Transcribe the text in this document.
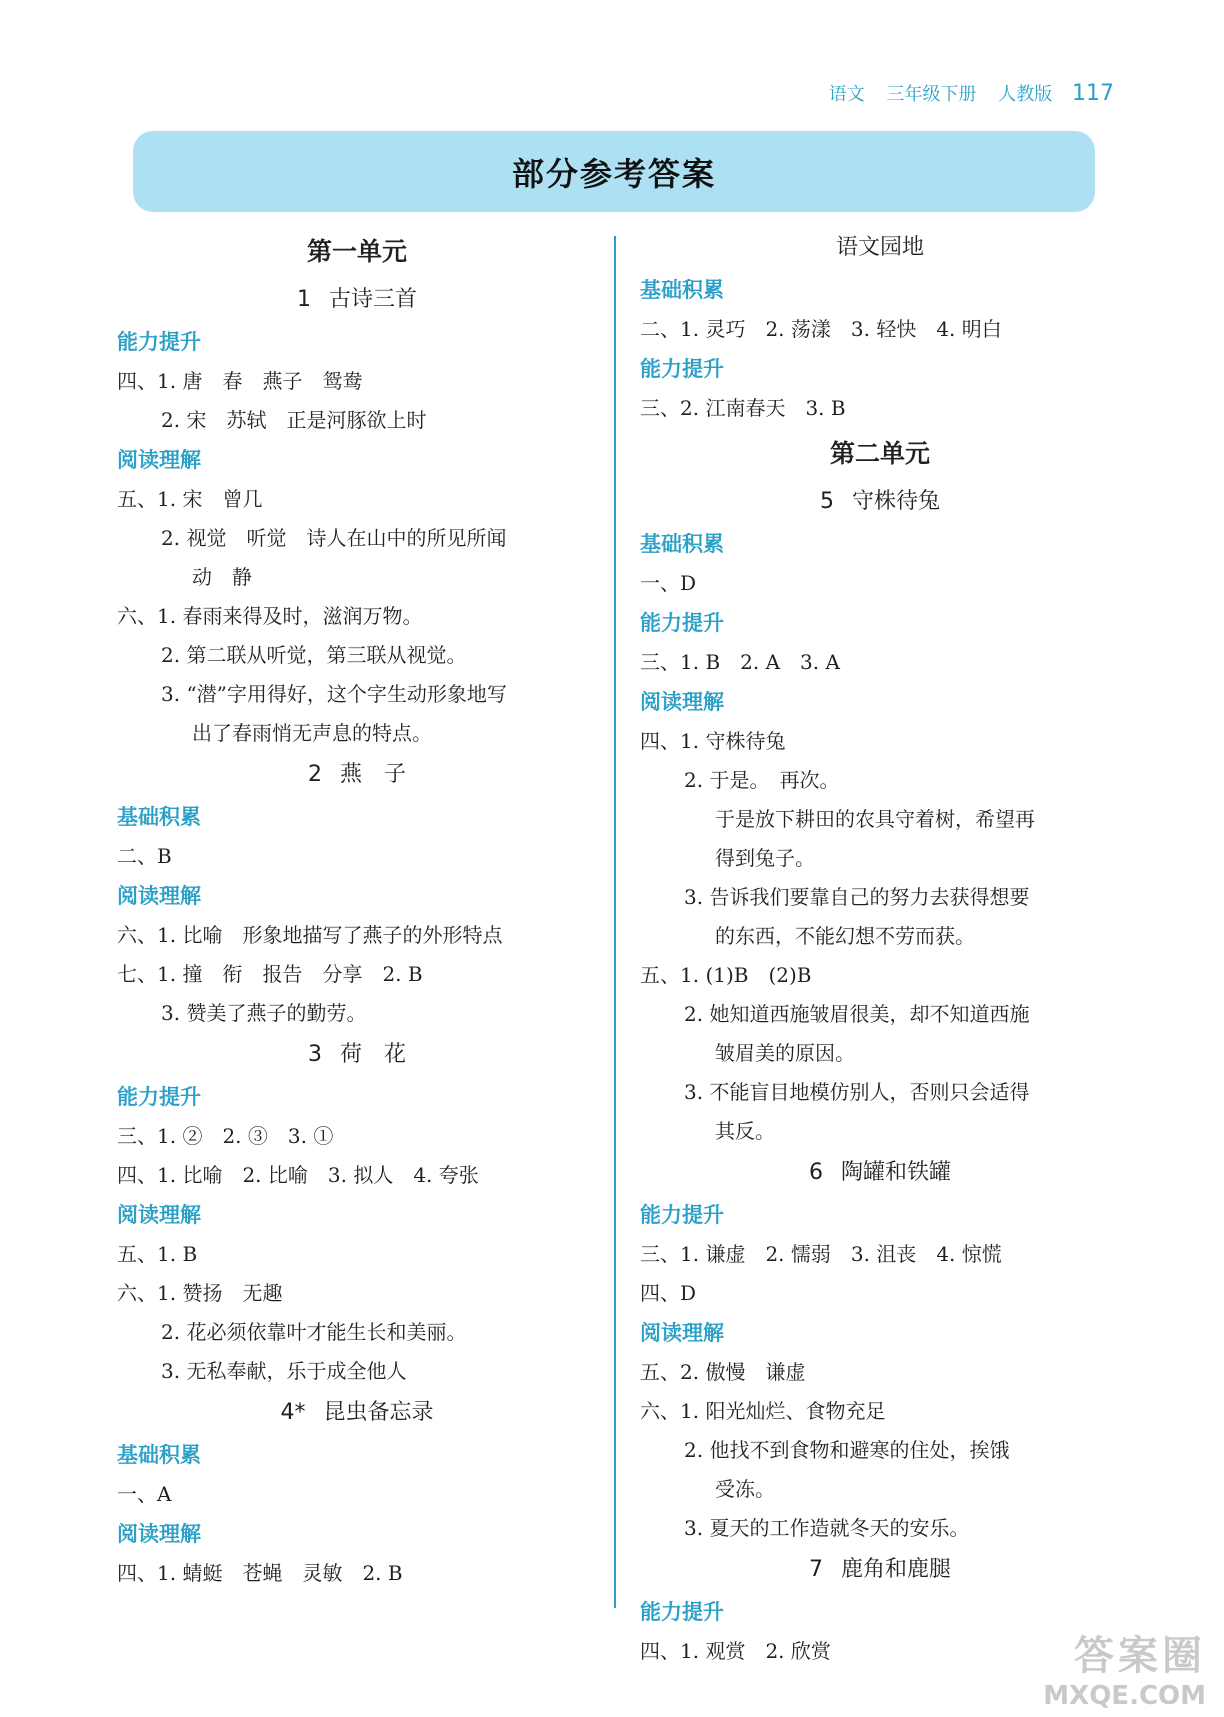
语文 三年级下册 人教版 117
部分参考答案
第一单元
1 古诗三首
能力提升
四、1. 唐　春　燕子　鸳鸯
2. 宋　苏轼　正是河豚欲上时
阅读理解
五、1. 宋　曾几
2. 视觉　听觉　诗人在山中的所见所闻
动　静
六、1. 春雨来得及时，滋润万物。
2. 第二联从听觉，第三联从视觉。
3. “潜”字用得好，这个字生动形象地写
出了春雨悄无声息的特点。
2 燕　子
基础积累
二、B
阅读理解
六、1. 比喻　形象地描写了燕子的外形特点
七、1. 撞　衔　报告　分享　2. B
3. 赞美了燕子的勤劳。
3 荷　花
能力提升
三、1. ②　2. ③　3. ①
四、1. 比喻　2. 比喻　3. 拟人　4. 夸张
阅读理解
五、1. B
六、1. 赞扬　无趣
2. 花必须依靠叶才能生长和美丽。
3. 无私奉献，乐于成全他人
4* 昆虫备忘录
基础积累
一、A
阅读理解
四、1. 蜻蜓　苍蝇　灵敏　2. B
语文园地
基础积累
二、1. 灵巧　2. 荡漾　3. 轻快　4. 明白
能力提升
三、2. 江南春天　3. B
第二单元
5 守株待兔
基础积累
一、D
能力提升
三、1. B　2. A　3. A
阅读理解
四、1. 守株待兔
2. 于是。　再次。
于是放下耕田的农具守着树，希望再
得到兔子。
3. 告诉我们要靠自己的努力去获得想要
的东西，不能幻想不劳而获。
五、1. (1)B　(2)B
2. 她知道西施皱眉很美，却不知道西施
皱眉美的原因。
3. 不能盲目地模仿别人，否则只会适得
其反。
6 陶罐和铁罐
能力提升
三、1. 谦虚　2. 懦弱　3. 沮丧　4. 惊慌
四、D
阅读理解
五、2. 傲慢　谦虚
六、1. 阳光灿烂、食物充足
2. 他找不到食物和避寒的住处，挨饿
受冻。
3. 夏天的工作造就冬天的安乐。
7 鹿角和鹿腿
能力提升
四、1. 观赏　2. 欣赏	答案圈
MXQE.COM
